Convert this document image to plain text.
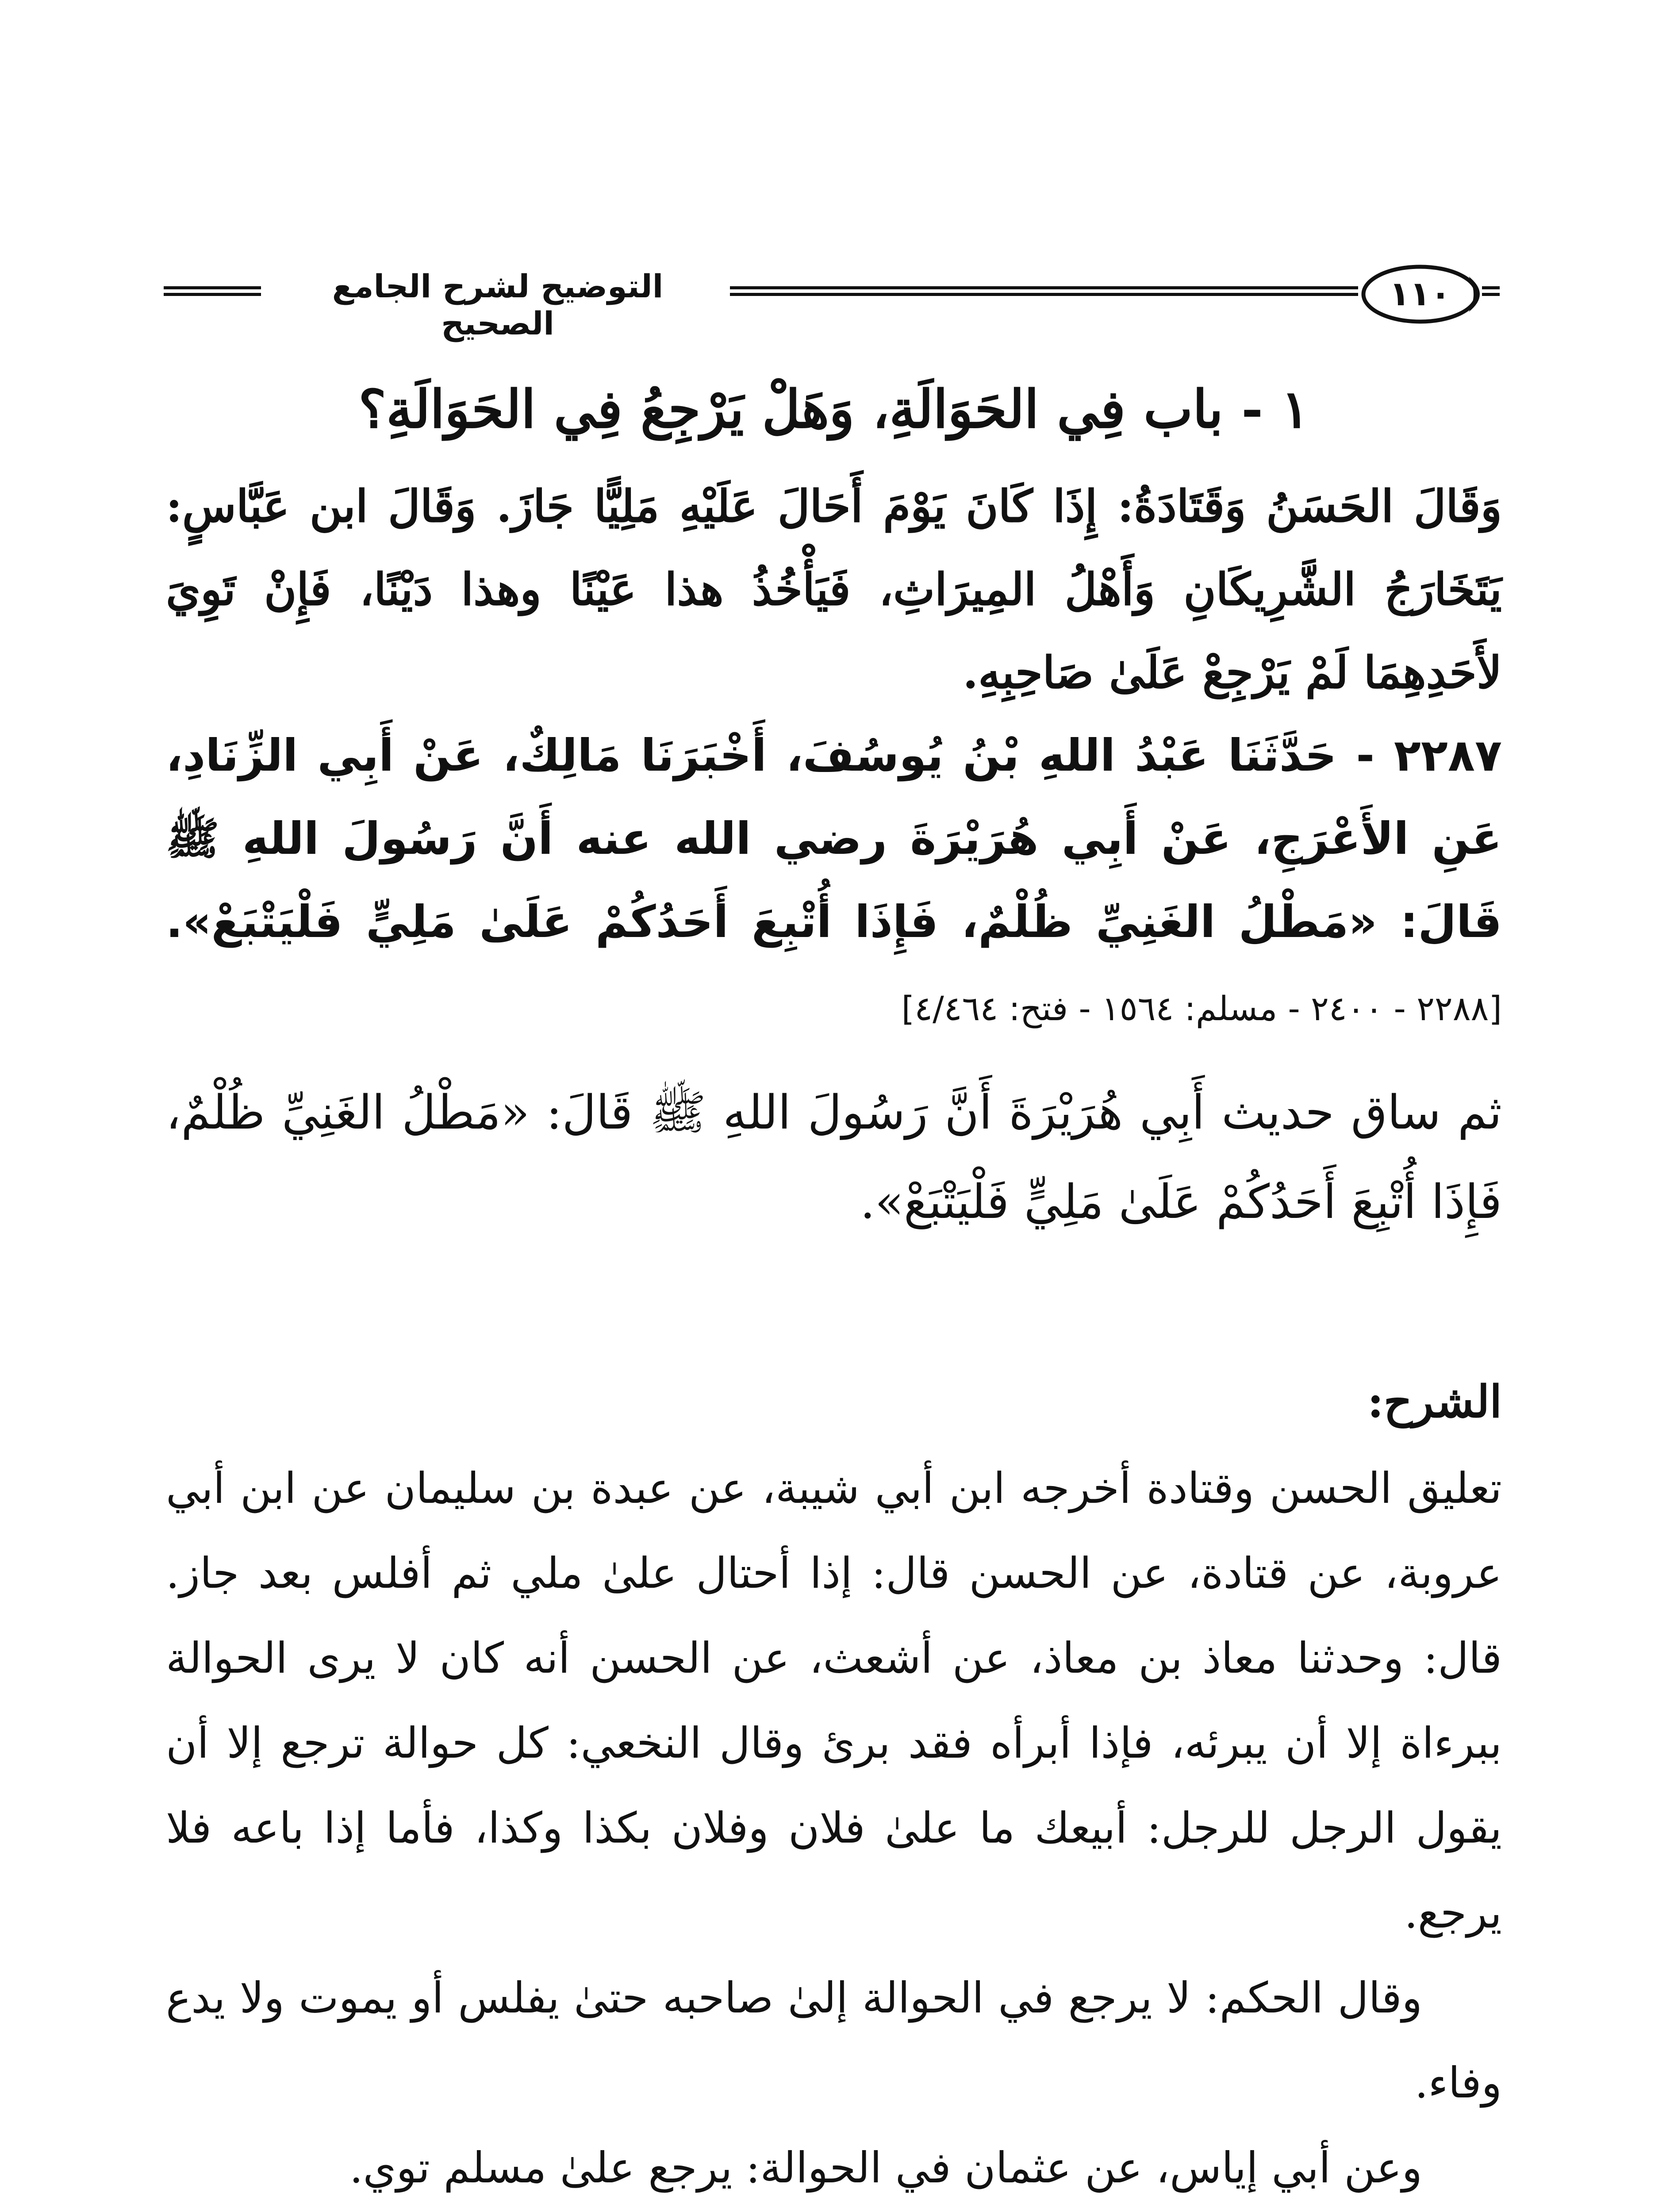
التوضيح لشرح الجامع الصحيح
١١٠
١ - باب فِي الحَوَالَةِ، وَهَلْ يَرْجِعُ فِي الحَوَالَةِ؟

وَقَالَ الحَسَنُ وَقَتَادَةُ: إِذَا كَانَ يَوْمَ أَحَالَ عَلَيْهِ مَلِيًّا جَازَ. وَقَالَ ابن عَبَّاسٍ: يَتَخَارَجُ الشَّرِيكَانِ وَأَهْلُ المِيرَاثِ، فَيَأْخُذُ هذا عَيْنًا وهذا دَيْنًا، فَإِنْ تَوِيَ لأَحَدِهِمَا لَمْ يَرْجِعْ عَلَىٰ صَاحِبِهِ.

٢٢٨٧ - حَدَّثَنَا عَبْدُ اللهِ بْنُ يُوسُفَ، أَخْبَرَنَا مَالِكٌ، عَنْ أَبِي الزِّنَادِ، عَنِ الأَعْرَجِ، عَنْ أَبِي هُرَيْرَةَ رضي الله عنه أَنَّ رَسُولَ اللهِ ﷺ قَالَ: «مَطْلُ الغَنِيِّ ظُلْمٌ، فَإِذَا أُتْبِعَ أَحَدُكُمْ عَلَىٰ مَلِيٍّ فَلْيَتْبَعْ». [٢٢٨٨ - ٢٤٠٠ - مسلم: ١٥٦٤ - فتح: ٤/٤٦٤]

ثم ساق حديث أَبِي هُرَيْرَةَ أَنَّ رَسُولَ اللهِ ﷺ قَالَ: «مَطْلُ الغَنِيِّ ظُلْمٌ، فَإِذَا أُتْبِعَ أَحَدُكُمْ عَلَىٰ مَلِيٍّ فَلْيَتْبَعْ».

الشرح:

تعليق الحسن وقتادة أخرجه ابن أبي شيبة، عن عبدة بن سليمان عن ابن أبي عروبة، عن قتادة، عن الحسن قال: إذا أحتال علىٰ ملي ثم أفلس بعد جاز. قال: وحدثنا معاذ بن معاذ، عن أشعث، عن الحسن أنه كان لا يرى الحوالة ببرءاة إلا أن يبرئه، فإذا أبرأه فقد برئ وقال النخعي: كل حوالة ترجع إلا أن يقول الرجل للرجل: أبيعك ما علىٰ فلان وفلان بكذا وكذا، فأما إذا باعه فلا يرجع.

وقال الحكم: لا يرجع في الحوالة إلىٰ صاحبه حتىٰ يفلس أو يموت ولا يدع وفاء.

وعن أبي إياس، عن عثمان في الحوالة: يرجع علىٰ مسلم توي.
